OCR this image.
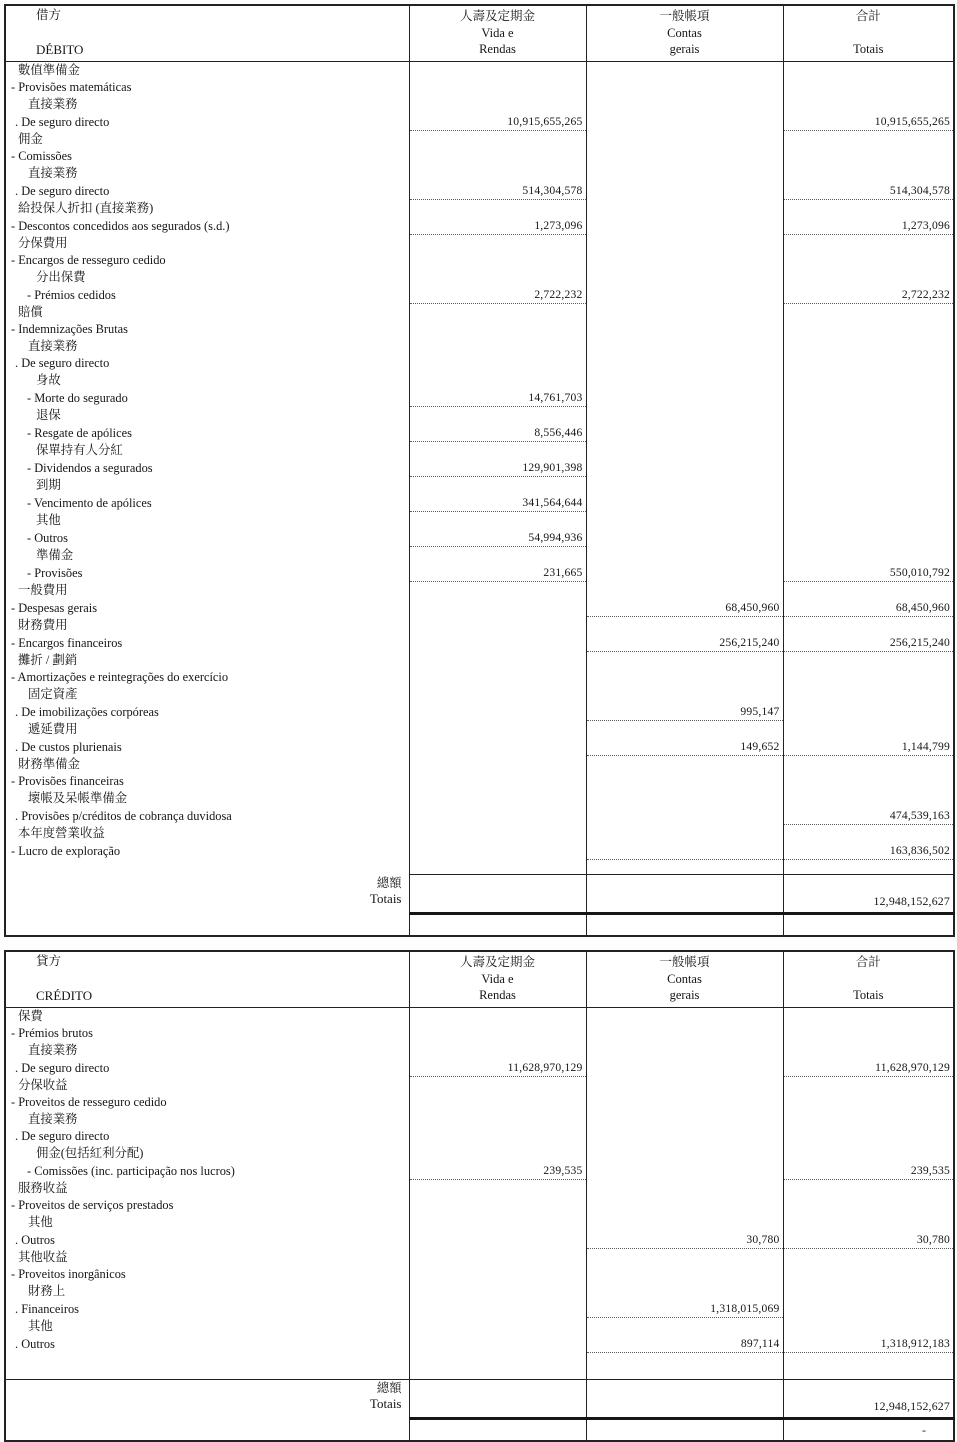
借方
DÉBITO

人壽及定期金
Vida e
Rendas

一般帳項
Contas
gerais

合計
Totais

數值準備金			
- Provisões matemáticas			
直接業務			
. De seguro directo	10,915,655,265		10,915,655,265
佣金			
- Comissões			
直接業務			
. De seguro directo	514,304,578		514,304,578
給投保人折扣 (直接業務)			
- Descontos concedidos aos segurados (s.d.)	1,273,096		1,273,096
分保費用			
- Encargos de resseguro cedido			
分出保費			
- Prémios cedidos	2,722,232		2,722,232
賠償			
- Indemnizações Brutas			
直接業務			
. De seguro directo			
身故			
- Morte do segurado	14,761,703		
退保			
- Resgate de apólices	8,556,446		
保單持有人分紅			
- Dividendos a segurados	129,901,398		
到期			
- Vencimento de apólices	341,564,644		
其他			
- Outros	54,994,936		
準備金			
- Provisões	231,665		550,010,792
一般費用			
- Despesas gerais		68,450,960	68,450,960
財務費用			
- Encargos financeiros		256,215,240	256,215,240
攤折 / 劃銷			
- Amortizações e reintegrações do exercício			
固定資產			
. De imobilizações corpóreas		995,147	
遞延費用			
. De custos plurienais		149,652	1,144,799
財務準備金			
- Provisões financeiras			
壞帳及呆帳準備金			
. Provisões p/créditos de cobrança duvidosa			474,539,163
本年度營業收益			
- Lucro de exploração			163,836,502

總額
Totais			12,948,152,627

貸方
CRÉDITO

人壽及定期金
Vida e
Rendas

一般帳項
Contas
gerais

合計
Totais

保費			
- Prémios brutos			
直接業務			
. De seguro directo	11,628,970,129		11,628,970,129
分保收益			
- Proveitos de resseguro cedido			
直接業務			
. De seguro directo			
佣金(包括紅利分配)			
- Comissões (inc. participação nos lucros)	239,535		239,535
服務收益			
- Proveitos de serviços prestados			
其他			
. Outros		30,780	30,780
其他收益			
- Proveitos inorgânicos			
財務上			
. Financeiros		1,318,015,069	
其他			
. Outros		897,114	1,318,912,183

總額
Totais			12,948,152,627
			-
